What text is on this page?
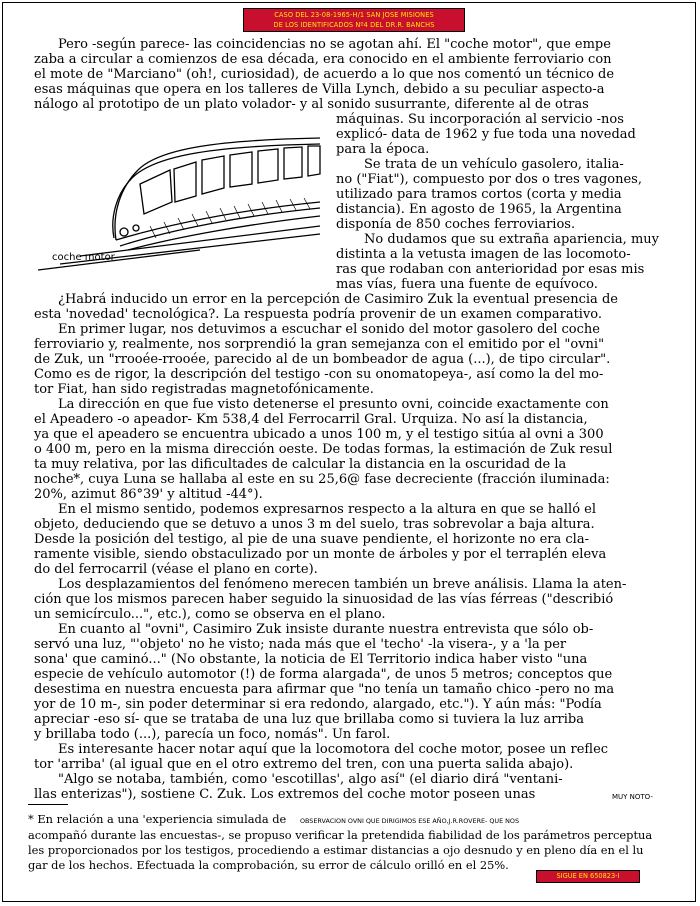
CASO DEL 23-08-1965-H/1 SAN JOSE MISIONES
DE LOS IDENTIFICADOS Nº4 DEL DR.R. BANCHS
coche motor
Pero -según parece- las coincidencias no se agotan ahí. El "coche motor", que empe
zaba a circular a comienzos de esa década, era conocido en el ambiente ferroviario con
el mote de "Marciano" (oh!, curiosidad), de acuerdo a lo que nos comentó un técnico de
esas máquinas que opera en los talleres de Villa Lynch, debido a su peculiar aspecto-a
nálogo al prototipo de un plato volador- y al sonido susurrante, diferente al de otras
máquinas. Su incorporación al servicio -nos
explicó- data de 1962 y fue toda una novedad
para la época.
Se trata de un vehículo gasolero, italia-
no ("Fiat"), compuesto por dos o tres vagones,
utilizado para tramos cortos (corta y media
distancia). En agosto de 1965, la Argentina
disponía de 850 coches ferroviarios.
No dudamos que su extraña apariencia, muy
distinta a la vetusta imagen de las locomoto-
ras que rodaban con anterioridad por esas mis
mas vías, fuera una fuente de equívoco.
¿Habrá inducido un error en la percepción de Casimiro Zuk la eventual presencia de
esta 'novedad' tecnológica?. La respuesta podría provenir de un examen comparativo.
En primer lugar, nos detuvimos a escuchar el sonido del motor gasolero del coche
ferroviario y, realmente, nos sorprendió la gran semejanza con el emitido por el "ovni"
de Zuk, un "rrooée-rrooée, parecido al de un bombeador de agua (...), de tipo circular".
Como es de rigor, la descripción del testigo -con su onomatopeya-, así como la del mo-
tor Fiat, han sido registradas magnetofónicamente.
La dirección en que fue visto detenerse el presunto ovni, coincide exactamente con
el Apeadero -o apeador- Km 538,4 del Ferrocarril Gral. Urquiza. No así la distancia,
ya que el apeadero se encuentra ubicado a unos 100 m, y el testigo sitúa al ovni a 300
o 400 m, pero en la misma dirección oeste. De todas formas, la estimación de Zuk resul
ta muy relativa, por las dificultades de calcular la distancia en la oscuridad de la
noche*, cuya Luna se hallaba al este en su 25,6@ fase decreciente (fracción iluminada:
20%, azimut 86°39' y altitud -44°).
En el mismo sentido, podemos expresarnos respecto a la altura en que se halló el
objeto, deduciendo que se detuvo a unos 3 m del suelo, tras sobrevolar a baja altura.
Desde la posición del testigo, al pie de una suave pendiente, el horizonte no era cla-
ramente visible, siendo obstaculizado por un monte de árboles y por el terraplén eleva
do del ferrocarril (véase el plano en corte).
Los desplazamientos del fenómeno merecen también un breve análisis. Llama la aten-
ción que los mismos parecen haber seguido la sinuosidad de las vías férreas ("describió
un semicírculo...", etc.), como se observa en el plano.
En cuanto al "ovni", Casimiro Zuk insiste durante nuestra entrevista que sólo ob-
servó una luz, "'objeto' no he visto; nada más que el 'techo' -la visera-, y a 'la per
sona' que caminó..." (No obstante, la noticia de El Territorio indica haber visto "una
especie de vehículo automotor (!) de forma alargada", de unos 5 metros; conceptos que
desestima en nuestra encuesta para afirmar que "no tenía un tamaño chico -pero no ma
yor de 10 m-, sin poder determinar si era redondo, alargado, etc."). Y aún más: "Podía
apreciar -eso sí- que se trataba de una luz que brillaba como si tuviera la luz arriba
y brillaba todo (...), parecía un foco, nomás". Un farol.
Es interesante hacer notar aquí que la locomotora del coche motor, posee un reflec
tor 'arriba' (al igual que en el otro extremo del tren, con una puerta salida abajo).
"Algo se notaba, también, como 'escotillas', algo así" (el diario dirá "ventani-
llas enterizas"), sostiene C. Zuk. Los extremos del coche motor poseen unas	MUY NOTO-
* En relación a una 'experiencia simulada de OBSERVACION OVNI QUE DIRIGIMOS ESE AÑO,J.R.ROVERE- QUE NOS
acompañó durante las encuestas-, se propuso verificar la pretendida fiabilidad de los parámetros perceptua
les proporcionados por los testigos, procediendo a estimar distancias a ojo desnudo y en pleno día en el lu
gar de los hechos. Efectuada la comprobación, su error de cálculo orilló en el 25%.
SIGUE EN 650823-I
